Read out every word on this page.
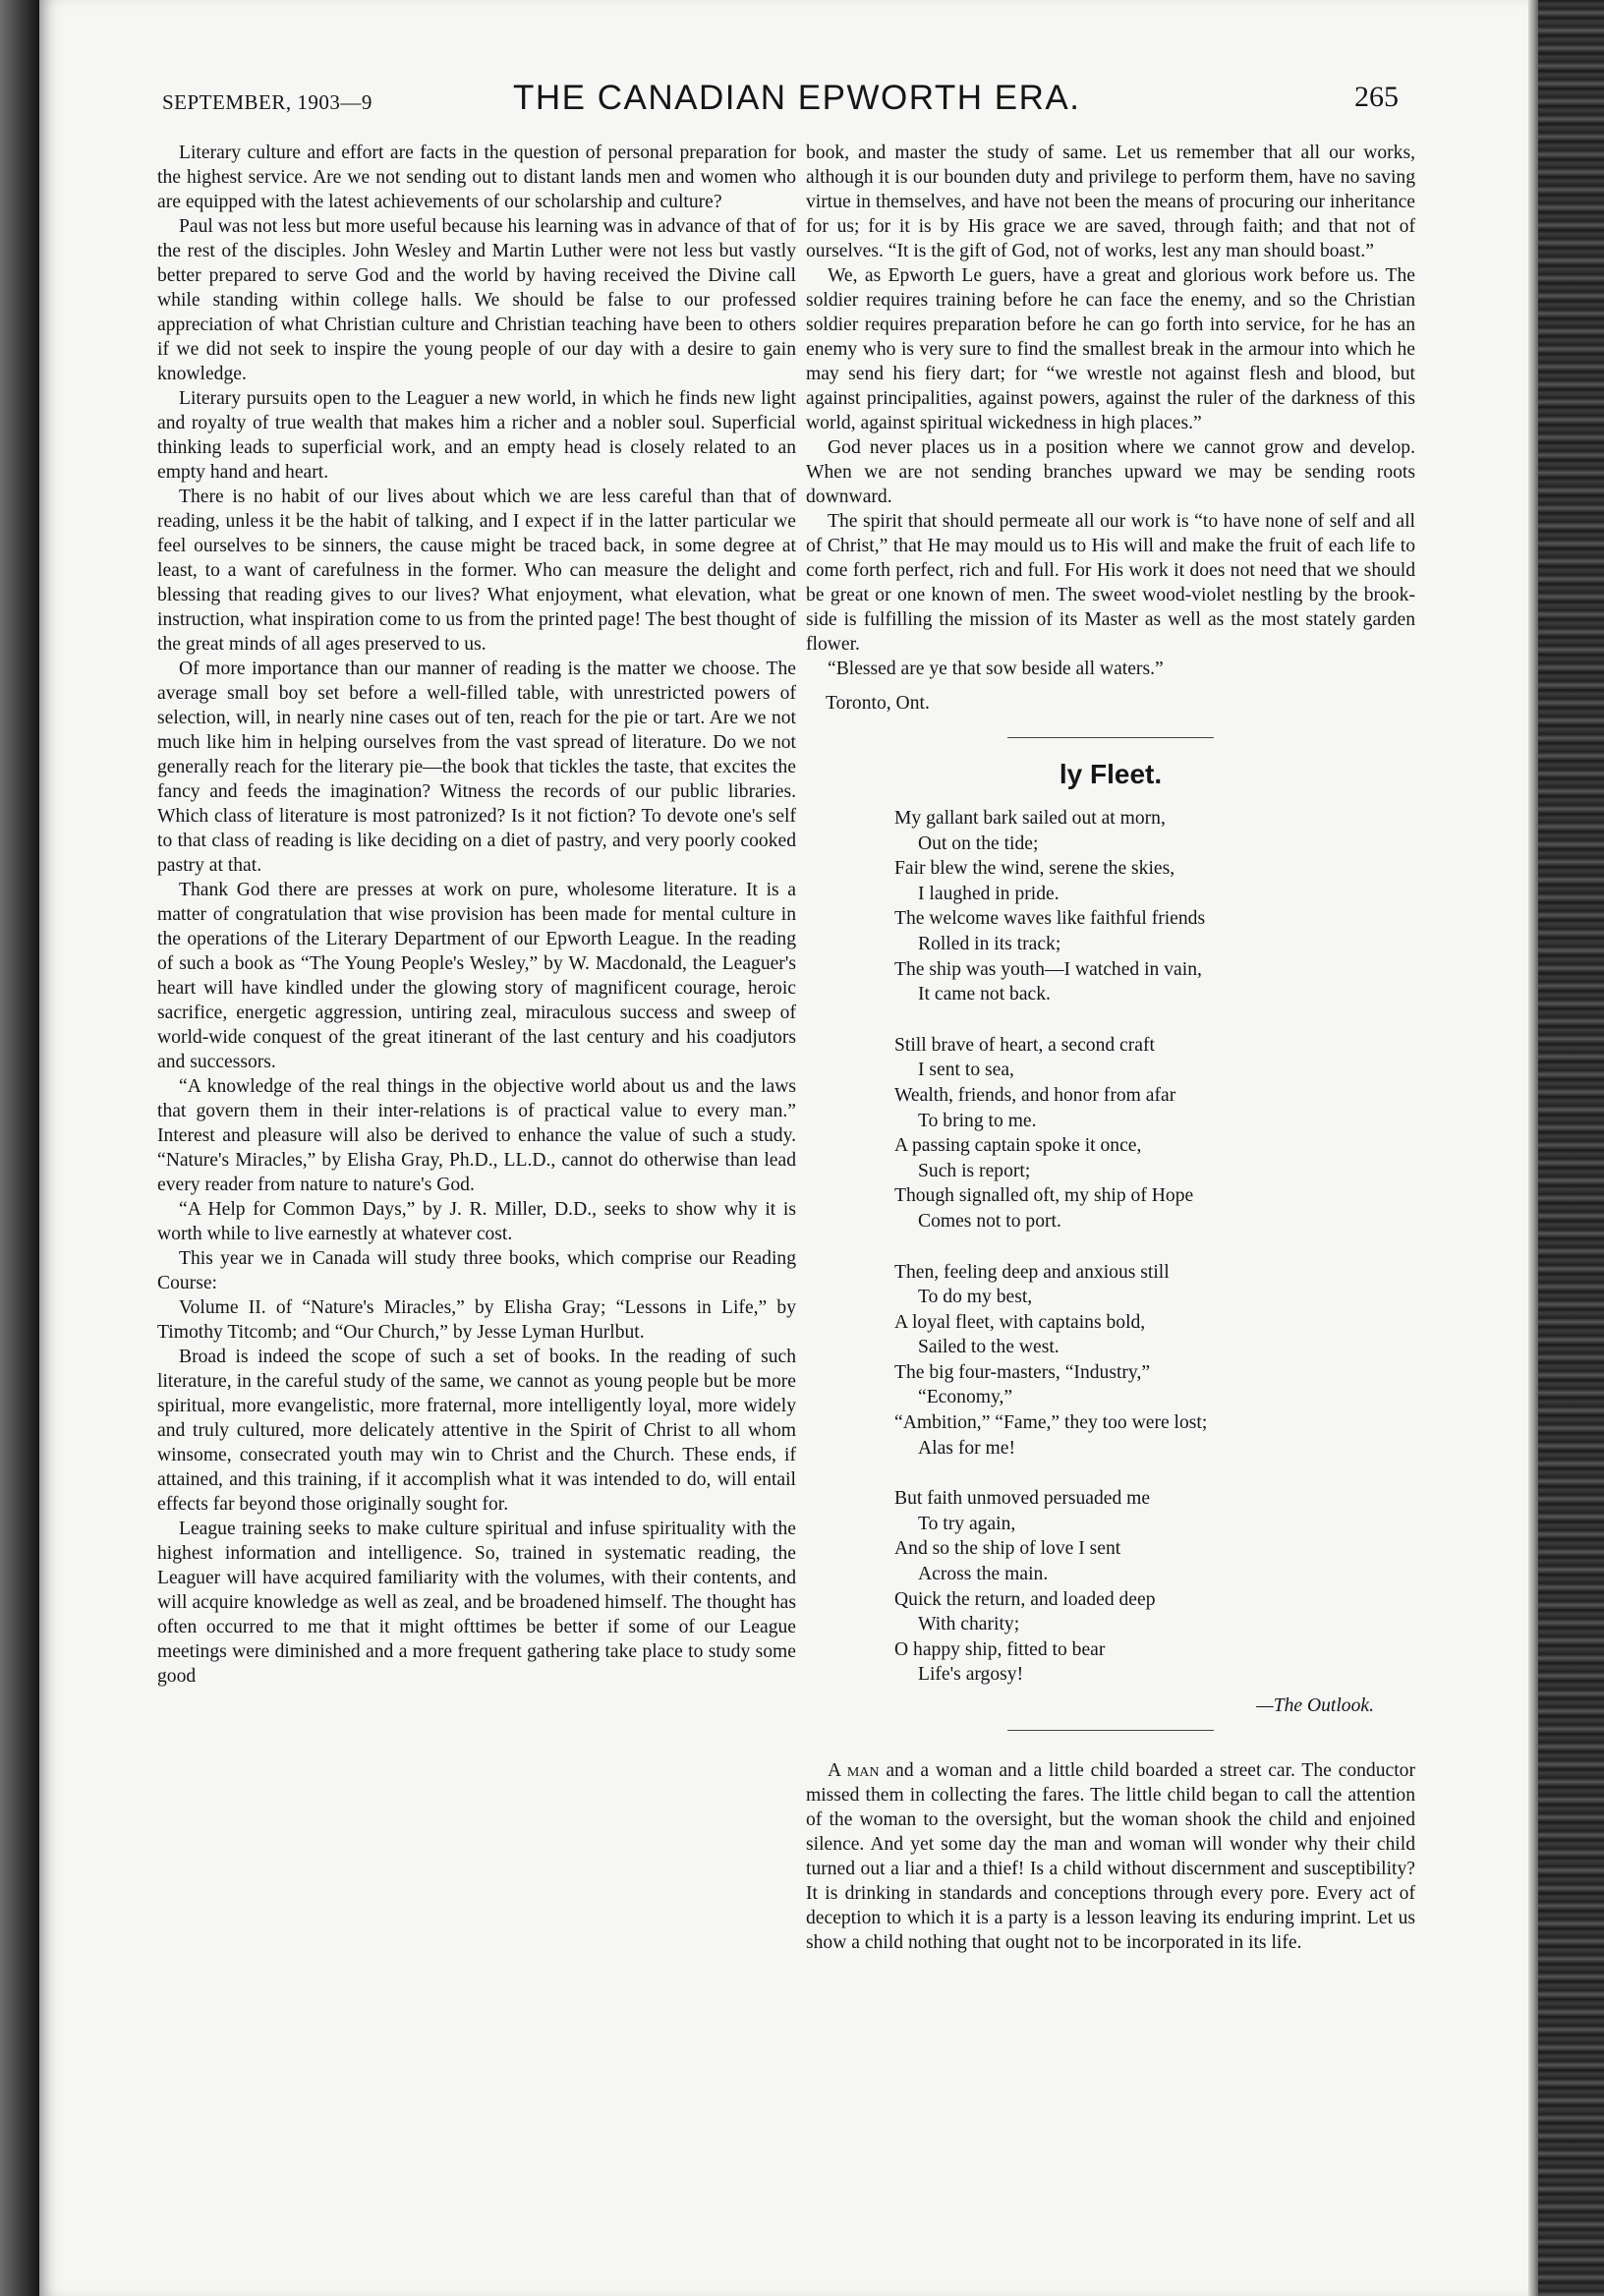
SEPTEMBER, 1903—9	THE CANADIAN EPWORTH ERA.	265

Literary culture and effort are facts in the question of personal preparation for the highest service. Are we not sending out to distant lands men and women who are equipped with the latest achievements of our scholarship and culture?

Paul was not less but more useful because his learning was in advance of that of the rest of the disciples. John Wesley and Martin Luther were not less but vastly better prepared to serve God and the world by having received the Divine call while standing within college halls. We should be false to our professed appreciation of what Christian culture and Christian teaching have been to others if we did not seek to inspire the young people of our day with a desire to gain knowledge.

Literary pursuits open to the Leaguer a new world, in which he finds new light and royalty of true wealth that makes him a richer and a nobler soul. Superficial thinking leads to superficial work, and an empty head is closely related to an empty hand and heart.

There is no habit of our lives about which we are less careful than that of reading, unless it be the habit of talking, and I expect if in the latter particular we feel ourselves to be sinners, the cause might be traced back, in some degree at least, to a want of carefulness in the former. Who can measure the delight and blessing that reading gives to our lives? What enjoyment, what elevation, what instruction, what inspiration come to us from the printed page! The best thought of the great minds of all ages preserved to us.

Of more importance than our manner of reading is the matter we choose. The average small boy set before a well-filled table, with unrestricted powers of selection, will, in nearly nine cases out of ten, reach for the pie or tart. Are we not much like him in helping ourselves from the vast spread of literature. Do we not generally reach for the literary pie—the book that tickles the taste, that excites the fancy and feeds the imagination? Witness the records of our public libraries. Which class of literature is most patronized? Is it not fiction? To devote one's self to that class of reading is like deciding on a diet of pastry, and very poorly cooked pastry at that.

Thank God there are presses at work on pure, wholesome literature. It is a matter of congratulation that wise provision has been made for mental culture in the operations of the Literary Department of our Epworth League. In the reading of such a book as “The Young People's Wesley,” by W. Macdonald, the Leaguer's heart will have kindled under the glowing story of magnificent courage, heroic sacrifice, energetic aggression, untiring zeal, miraculous success and sweep of world-wide conquest of the great itinerant of the last century and his coadjutors and successors.

“A knowledge of the real things in the objective world about us and the laws that govern them in their inter-relations is of practical value to every man.” Interest and pleasure will also be derived to enhance the value of such a study. “Nature's Miracles,” by Elisha Gray, Ph.D., LL.D., cannot do otherwise than lead every reader from nature to nature's God.

“A Help for Common Days,” by J. R. Miller, D.D., seeks to show why it is worth while to live earnestly at whatever cost.

This year we in Canada will study three books, which comprise our Reading Course:

Volume II. of “Nature's Miracles,” by Elisha Gray; “Lessons in Life,” by Timothy Titcomb; and “Our Church,” by Jesse Lyman Hurlbut.

Broad is indeed the scope of such a set of books. In the reading of such literature, in the careful study of the same, we cannot as young people but be more spiritual, more evangelistic, more fraternal, more intelligently loyal, more widely and truly cultured, more delicately attentive in the Spirit of Christ to all whom winsome, consecrated youth may win to Christ and the Church. These ends, if attained, and this training, if it accomplish what it was intended to do, will entail effects far beyond those originally sought for.

League training seeks to make culture spiritual and infuse spirituality with the highest information and intelligence. So, trained in systematic reading, the Leaguer will have acquired familiarity with the volumes, with their contents, and will acquire knowledge as well as zeal, and be broadened himself. The thought has often occurred to me that it might ofttimes be better if some of our League meetings were diminished and a more frequent gathering take place to study some good

book, and master the study of same. Let us remember that all our works, although it is our bounden duty and privilege to perform them, have no saving virtue in themselves, and have not been the means of procuring our inheritance for us; for it is by His grace we are saved, through faith; and that not of ourselves. “It is the gift of God, not of works, lest any man should boast.”

We, as Epworth Le guers, have a great and glorious work before us. The soldier requires training before he can face the enemy, and so the Christian soldier requires preparation before he can go forth into service, for he has an enemy who is very sure to find the smallest break in the armour into which he may send his fiery dart; for “we wrestle not against flesh and blood, but against principalities, against powers, against the ruler of the darkness of this world, against spiritual wickedness in high places.”

God never places us in a position where we cannot grow and develop. When we are not sending branches upward we may be sending roots downward.

The spirit that should permeate all our work is “to have none of self and all of Christ,” that He may mould us to His will and make the fruit of each life to come forth perfect, rich and full. For His work it does not need that we should be great or one known of men. The sweet wood-violet nestling by the brook-side is fulfilling the mission of its Master as well as the most stately garden flower.

“Blessed are ye that sow beside all waters.”

Toronto, Ont.

ly Fleet.
My gallant bark sailed out at morn,
Out on the tide;
Fair blew the wind, serene the skies,
I laughed in pride.
The welcome waves like faithful friends
Rolled in its track;
The ship was youth—I watched in vain,
It came not back.
Still brave of heart, a second craft
I sent to sea,
Wealth, friends, and honor from afar
To bring to me.
A passing captain spoke it once,
Such is report;
Though signalled oft, my ship of Hope
Comes not to port.
Then, feeling deep and anxious still
To do my best,
A loyal fleet, with captains bold,
Sailed to the west.
The big four-masters, “Industry,”
“Economy,”
“Ambition,” “Fame,” they too were lost;
Alas for me!
But faith unmoved persuaded me
To try again,
And so the ship of love I sent
Across the main.
Quick the return, and loaded deep
With charity;
O happy ship, fitted to bear
Life's argosy!
—The Outlook.

A man and a woman and a little child boarded a street car. The conductor missed them in collecting the fares. The little child began to call the attention of the woman to the oversight, but the woman shook the child and enjoined silence. And yet some day the man and woman will wonder why their child turned out a liar and a thief! Is a child without discernment and susceptibility? It is drinking in standards and conceptions through every pore. Every act of deception to which it is a party is a lesson leaving its enduring imprint. Let us show a child nothing that ought not to be incorporated in its life.
